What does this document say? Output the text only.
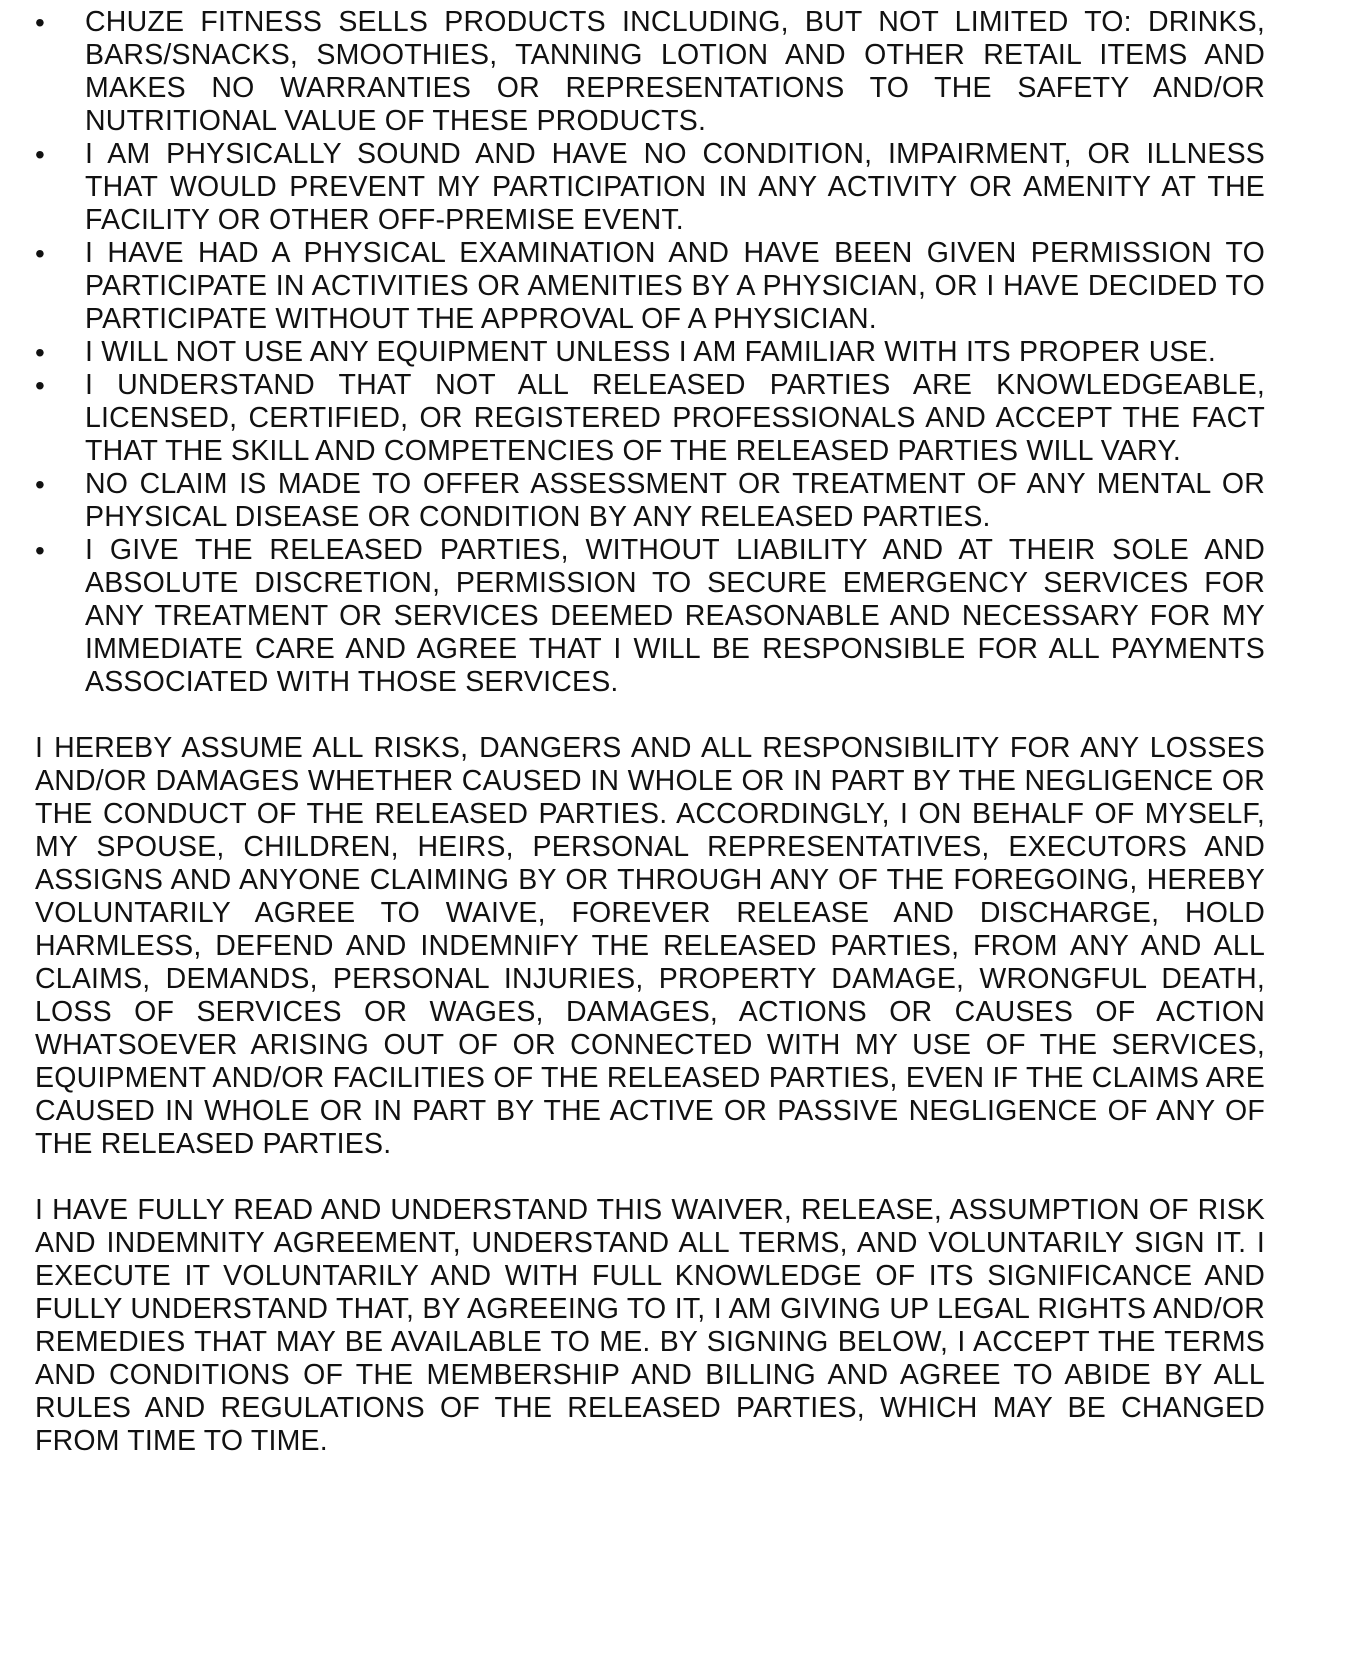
• CHUZE FITNESS SELLS PRODUCTS INCLUDING, BUT NOT LIMITED TO: DRINKS, BARS/SNACKS, SMOOTHIES, TANNING LOTION AND OTHER RETAIL ITEMS AND MAKES NO WARRANTIES OR REPRESENTATIONS TO THE SAFETY AND/OR NUTRITIONAL VALUE OF THESE PRODUCTS.

• I AM PHYSICALLY SOUND AND HAVE NO CONDITION, IMPAIRMENT, OR ILLNESS THAT WOULD PREVENT MY PARTICIPATION IN ANY ACTIVITY OR AMENITY AT THE FACILITY OR OTHER OFF-PREMISE EVENT.

• I HAVE HAD A PHYSICAL EXAMINATION AND HAVE BEEN GIVEN PERMISSION TO PARTICIPATE IN ACTIVITIES OR AMENITIES BY A PHYSICIAN, OR I HAVE DECIDED TO PARTICIPATE WITHOUT THE APPROVAL OF A PHYSICIAN.

• I WILL NOT USE ANY EQUIPMENT UNLESS I AM FAMILIAR WITH ITS PROPER USE.

• I UNDERSTAND THAT NOT ALL RELEASED PARTIES ARE KNOWLEDGEABLE, LICENSED, CERTIFIED, OR REGISTERED PROFESSIONALS AND ACCEPT THE FACT THAT THE SKILL AND COMPETENCIES OF THE RELEASED PARTIES WILL VARY.

• NO CLAIM IS MADE TO OFFER ASSESSMENT OR TREATMENT OF ANY MENTAL OR PHYSICAL DISEASE OR CONDITION BY ANY RELEASED PARTIES.

• I GIVE THE RELEASED PARTIES, WITHOUT LIABILITY AND AT THEIR SOLE AND ABSOLUTE DISCRETION, PERMISSION TO SECURE EMERGENCY SERVICES FOR ANY TREATMENT OR SERVICES DEEMED REASONABLE AND NECESSARY FOR MY IMMEDIATE CARE AND AGREE THAT I WILL BE RESPONSIBLE FOR ALL PAYMENTS ASSOCIATED WITH THOSE SERVICES.

I HEREBY ASSUME ALL RISKS, DANGERS AND ALL RESPONSIBILITY FOR ANY LOSSES AND/OR DAMAGES WHETHER CAUSED IN WHOLE OR IN PART BY THE NEGLIGENCE OR THE CONDUCT OF THE RELEASED PARTIES. ACCORDINGLY, I ON BEHALF OF MYSELF, MY SPOUSE, CHILDREN, HEIRS, PERSONAL REPRESENTATIVES, EXECUTORS AND ASSIGNS AND ANYONE CLAIMING BY OR THROUGH ANY OF THE FOREGOING, HEREBY VOLUNTARILY AGREE TO WAIVE, FOREVER RELEASE AND DISCHARGE, HOLD HARMLESS, DEFEND AND INDEMNIFY THE RELEASED PARTIES, FROM ANY AND ALL CLAIMS, DEMANDS, PERSONAL INJURIES, PROPERTY DAMAGE, WRONGFUL DEATH, LOSS OF SERVICES OR WAGES, DAMAGES, ACTIONS OR CAUSES OF ACTION WHATSOEVER ARISING OUT OF OR CONNECTED WITH MY USE OF THE SERVICES, EQUIPMENT AND/OR FACILITIES OF THE RELEASED PARTIES, EVEN IF THE CLAIMS ARE CAUSED IN WHOLE OR IN PART BY THE ACTIVE OR PASSIVE NEGLIGENCE OF ANY OF THE RELEASED PARTIES.

I HAVE FULLY READ AND UNDERSTAND THIS WAIVER, RELEASE, ASSUMPTION OF RISK AND INDEMNITY AGREEMENT, UNDERSTAND ALL TERMS, AND VOLUNTARILY SIGN IT. I EXECUTE IT VOLUNTARILY AND WITH FULL KNOWLEDGE OF ITS SIGNIFICANCE AND FULLY UNDERSTAND THAT, BY AGREEING TO IT, I AM GIVING UP LEGAL RIGHTS AND/OR REMEDIES THAT MAY BE AVAILABLE TO ME. BY SIGNING BELOW, I ACCEPT THE TERMS AND CONDITIONS OF THE MEMBERSHIP AND BILLING AND AGREE TO ABIDE BY ALL RULES AND REGULATIONS OF THE RELEASED PARTIES, WHICH MAY BE CHANGED FROM TIME TO TIME.
